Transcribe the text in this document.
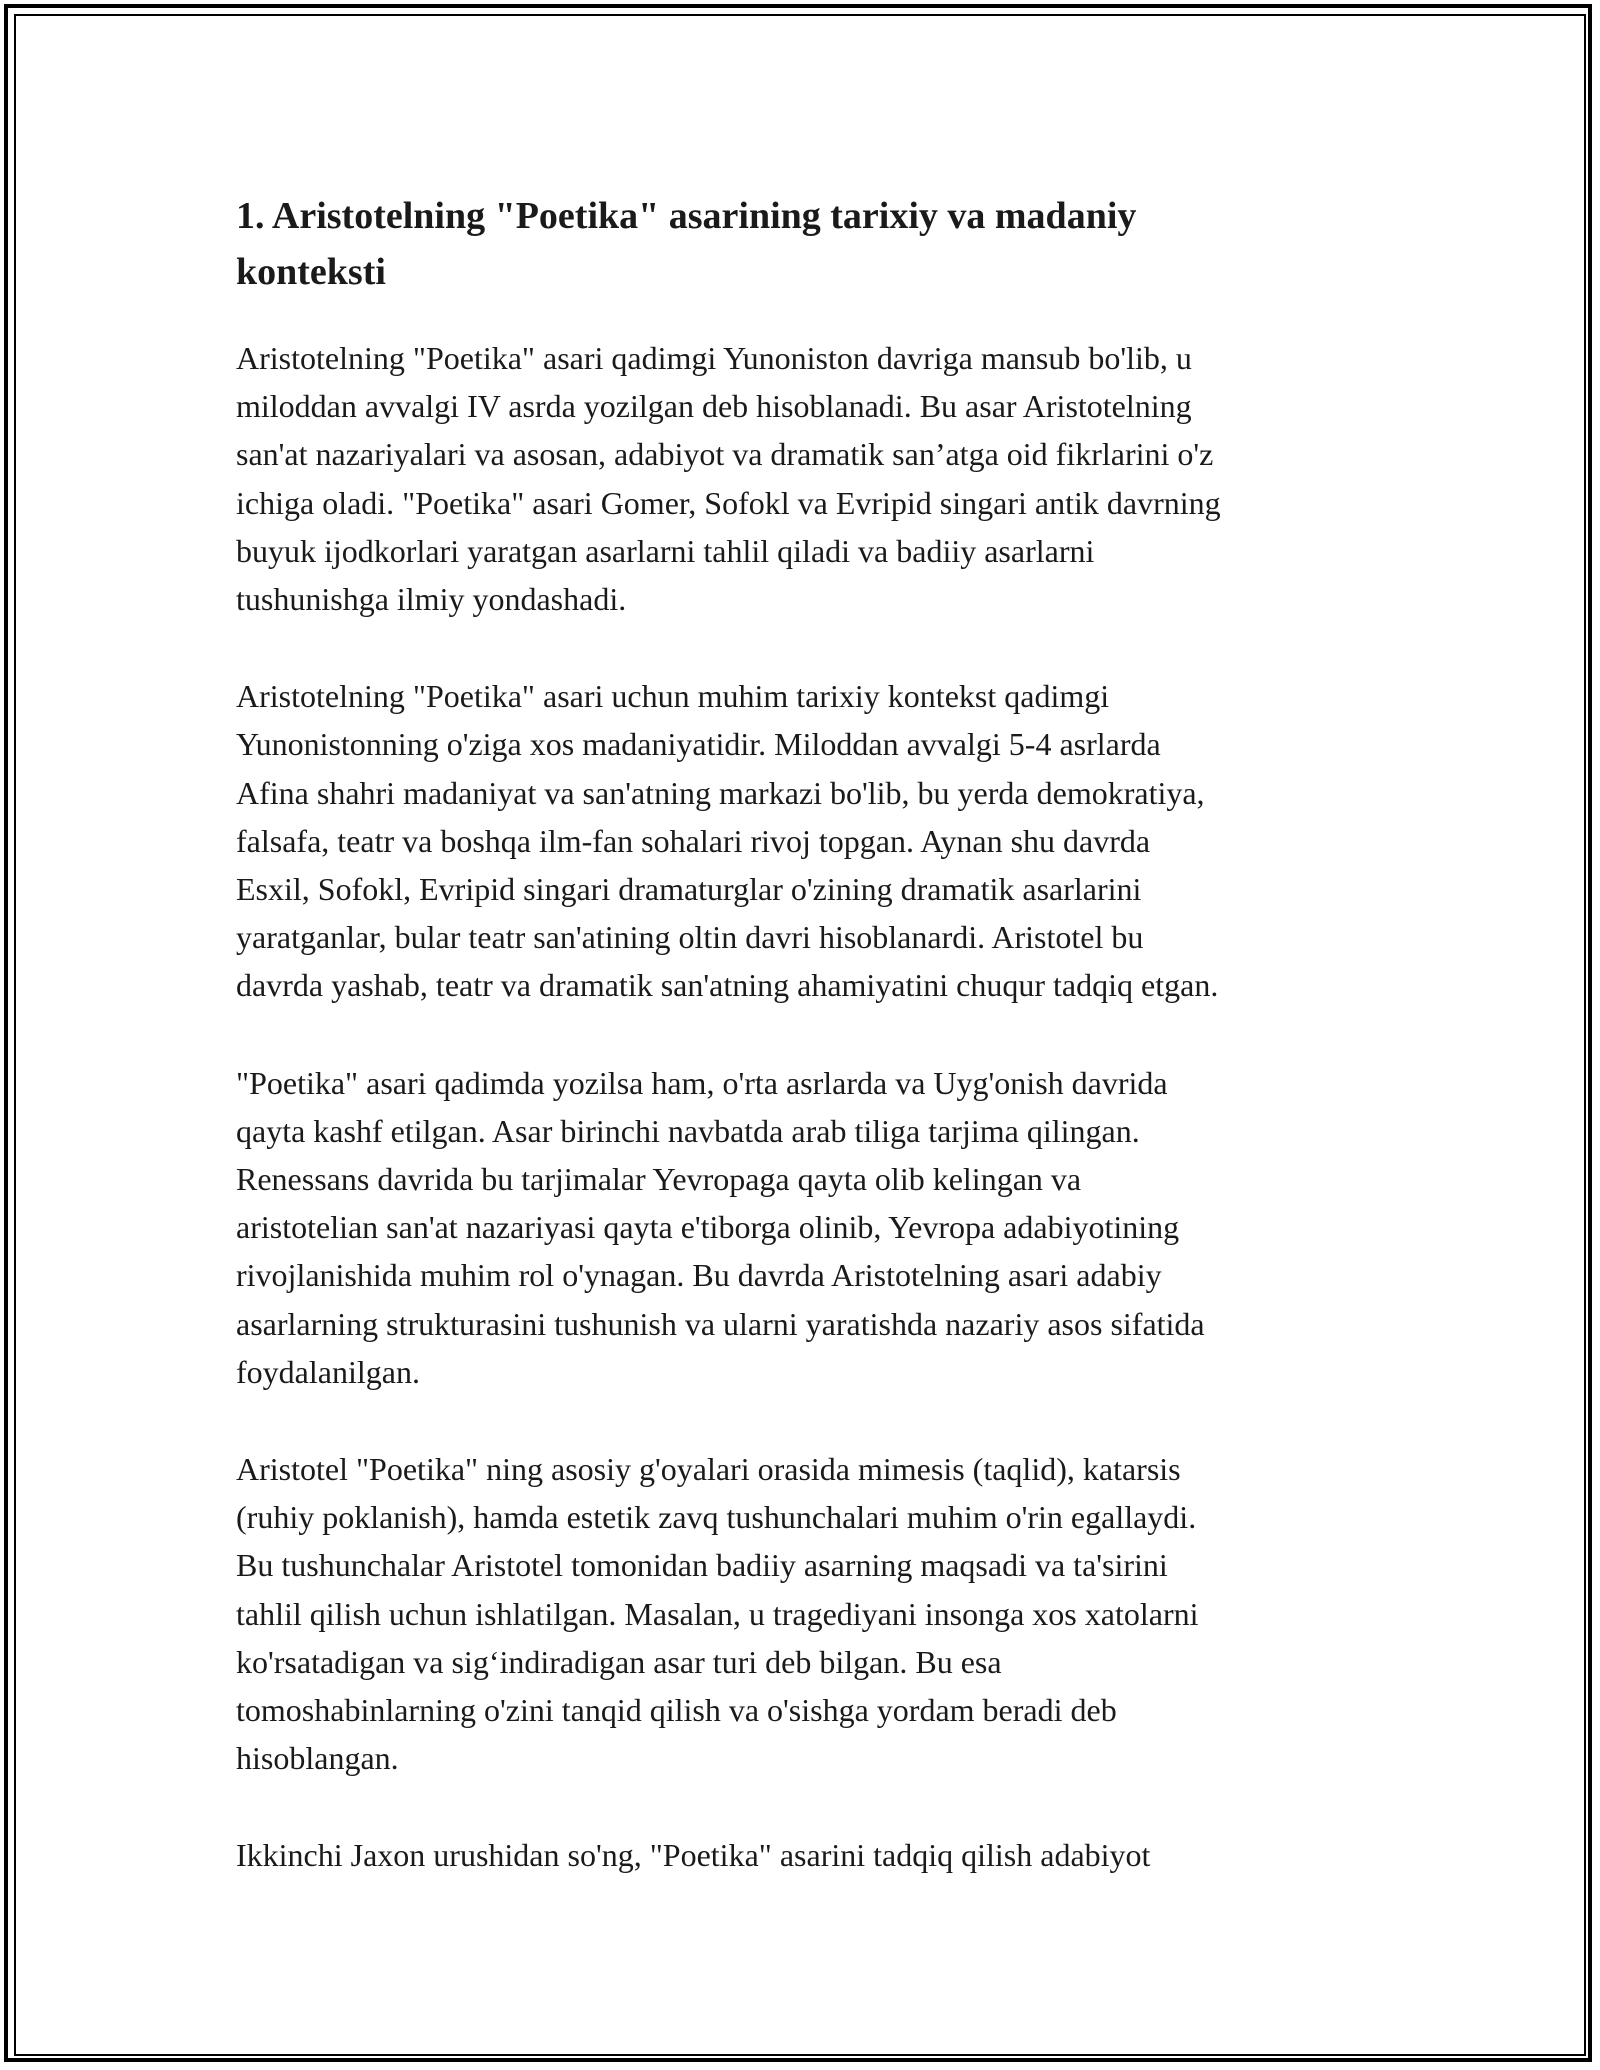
1. Aristotelning "Poetika" asarining tarixiy va madaniy
konteksti

Aristotelning "Poetika" asari qadimgi Yunoniston davriga mansub bo'lib, u
miloddan avvalgi IV asrda yozilgan deb hisoblanadi. Bu asar Aristotelning
san'at nazariyalari va asosan, adabiyot va dramatik san’atga oid fikrlarini o'z
ichiga oladi. "Poetika" asari Gomer, Sofokl va Evripid singari antik davrning
buyuk ijodkorlari yaratgan asarlarni tahlil qiladi va badiiy asarlarni
tushunishga ilmiy yondashadi.

Aristotelning "Poetika" asari uchun muhim tarixiy kontekst qadimgi
Yunonistonning o'ziga xos madaniyatidir. Miloddan avvalgi 5-4 asrlarda
Afina shahri madaniyat va san'atning markazi bo'lib, bu yerda demokratiya,
falsafa, teatr va boshqa ilm-fan sohalari rivoj topgan. Aynan shu davrda
Esxil, Sofokl, Evripid singari dramaturglar o'zining dramatik asarlarini
yaratganlar, bular teatr san'atining oltin davri hisoblanardi. Aristotel bu
davrda yashab, teatr va dramatik san'atning ahamiyatini chuqur tadqiq etgan.

"Poetika" asari qadimda yozilsa ham, o'rta asrlarda va Uyg'onish davrida
qayta kashf etilgan. Asar birinchi navbatda arab tiliga tarjima qilingan.
Renessans davrida bu tarjimalar Yevropaga qayta olib kelingan va
aristotelian san'at nazariyasi qayta e'tiborga olinib, Yevropa adabiyotining
rivojlanishida muhim rol o'ynagan. Bu davrda Aristotelning asari adabiy
asarlarning strukturasini tushunish va ularni yaratishda nazariy asos sifatida
foydalanilgan.

Aristotel "Poetika" ning asosiy g'oyalari orasida mimesis (taqlid), katarsis
(ruhiy poklanish), hamda estetik zavq tushunchalari muhim o'rin egallaydi.
Bu tushunchalar Aristotel tomonidan badiiy asarning maqsadi va ta'sirini
tahlil qilish uchun ishlatilgan. Masalan, u tragediyani insonga xos xatolarni
ko'rsatadigan va sig‘indiradigan asar turi deb bilgan. Bu esa
tomoshabinlarning o'zini tanqid qilish va o'sishga yordam beradi deb
hisoblangan.

Ikkinchi Jaxon urushidan so'ng, "Poetika" asarini tadqiq qilish adabiyot
